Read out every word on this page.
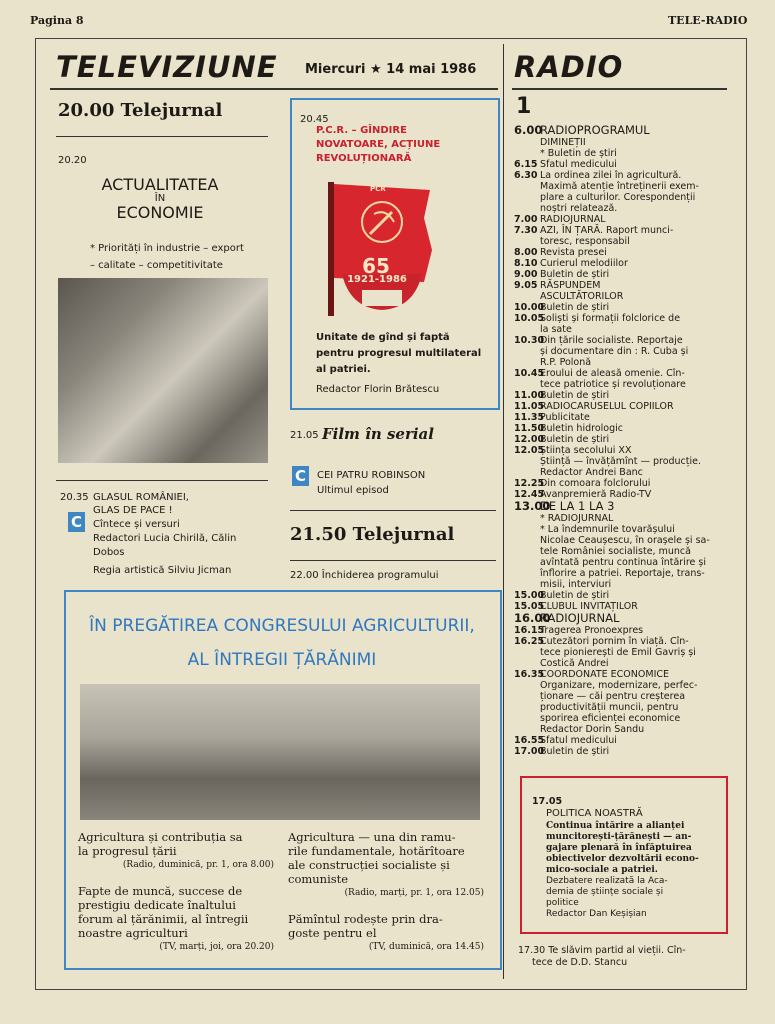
Pagina 8	TELE-RADIO
TELEVIZIUNE Miercuri ★ 14 mai 1986 RADIO
20.00 Telejurnal
20.20
ACTUALITATEA
ÎN
ECONOMIE
* Priorități în industrie – export
– calitate – competitivitate
20.35 GLASUL ROMÂNIEI,
GLAS DE PACE !
C	Cîntece și versuri
Redactori Lucia Chirilă, Călin
Dobos
Regia artistică Silviu Jicman
20.45
P.C.R. – GÎNDIRE
NOVATOARE, ACȚIUNE
REVOLUȚIONARĂ
65
1921-1986
PCR
Unitate de gînd și faptă
pentru progresul multilateral
al patriei.
Redactor Florin Brătescu
21.05 Film în serial
C	CEI PATRU ROBINSON
Ultimul episod
21.50 Telejurnal
22.00 Închiderea programului
ÎN PREGĂTIREA CONGRESULUI AGRICULTURII,
AL ÎNTREGII ȚĂRĂNIMI
Agricultura și contribuția sa
la progresul țării
(Radio, duminică, pr. 1, ora 8.00)
Fapte de muncă, succese de
prestigiu dedicate înaltului
forum al țărănimii, al întregii
noastre agriculturi
(TV, marți, joi, ora 20.20)
Agricultura — una din ramu-
rile fundamentale, hotărîtoare
ale construcției socialiste și
comuniste
(Radio, marți, pr. 1, ora 12.05)
Pămîntul rodește prin dra-
goste pentru el
(TV, duminică, ora 14.45)
1
6.00RADIOPROGRAMUL
DIMINEȚII
* Buletin de știri
6.15 Sfatul medicului
6.30 La ordinea zilei în agricultură.
Maximă atenție întreținerii exem-
plare a culturilor. Corespondenții
noștri relatează.
7.00 RADIOJURNAL
7.30 AZI, ÎN ȚARĂ. Raport munci-
toresc, responsabil
8.00 Revista presei
8.10 Curierul melodiilor
9.00 Buletin de știri
9.05 RĂSPUNDEM
ASCULTĂTORILOR
10.00Buletin de știri
10.05Soliști și formații folclorice de
la sate
10.30Din țările socialiste. Reportaje
și documentare din : R. Cuba și
R.P. Polonă
10.45Eroului de aleasă omenie. Cîn-
tece patriotice și revoluționare
11.00Buletin de știri
11.05RADIOCARUSELUL COPIILOR
11.35Publicitate
11.50Buletin hidrologic
12.00Buletin de știri
12.05Știința secolului XX
Știință — învățămînt — producție.
Redactor Andrei Banc
12.25Din comoara folclorului
12.45Avanpremieră Radio-TV
13.00DE LA 1 LA 3
* RADIOJURNAL
* La îndemnurile tovarășului
Nicolae Ceaușescu, în orașele și sa-
tele României socialiste, muncă
avîntată pentru continua întărire și
înflorire a patriei. Reportaje, trans-
misii, interviuri
15.00Buletin de știri
15.05CLUBUL INVITAȚILOR
16.00RADIOJURNAL
16.15Tragerea Pronoexpres
16.25Cutezători pornim în viață. Cîn-
tece pionierești de Emil Gavriș și
Costică Andrei
16.35COORDONATE ECONOMICE
Organizare, modernizare, perfec-
ționare — căi pentru creșterea
productivității muncii, pentru
sporirea eficienței economice
Redactor Dorin Sandu
16.55Sfatul medicului
17.00Buletin de știri
17.05
POLITICA NOASTRĂ
Continua întărire a alianței
muncitorești-țărănești — an-
gajare plenară în înfăptuirea
obiectivelor dezvoltării econo-
mico-sociale a patriei.
Dezbatere realizată la Aca-
demia de științe sociale și
politice
Redactor Dan Keșișian
17.30 Te slăvim partid al vieții. Cîn-
tece de D.D. Stancu
